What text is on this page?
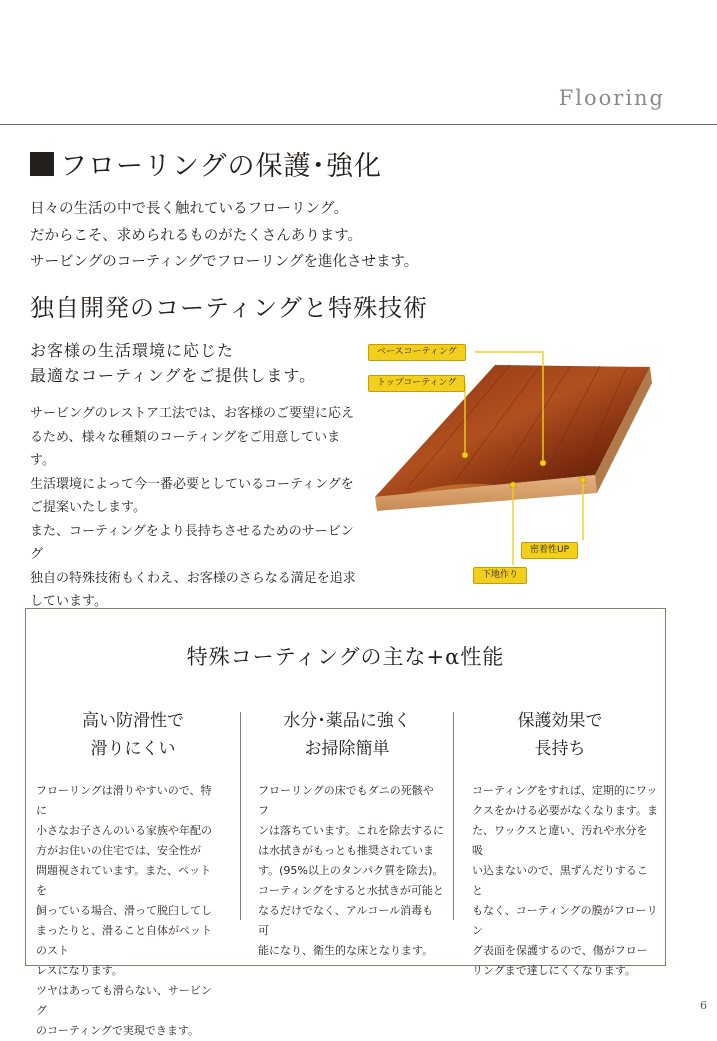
Flooring
フローリングの保護･強化
日々の生活の中で長く触れているフローリング。
だからこそ、求められるものがたくさんあります。
サービングのコーティングでフローリングを進化させます。
独自開発のコーティングと特殊技術
お客様の生活環境に応じた
最適なコーティングをご提供します。
サービングのレストア工法では、お客様のご要望に応え
るため、様々な種類のコーティングをご用意しています。
生活環境によって今一番必要としているコーティングを
ご提案いたします。
また、コーティングをより長持ちさせるためのサービング
独自の特殊技術もくわえ、お客様のさらなる満足を追求
しています。
ベースコーティング
トップコーティング
密着性UP
下地作り
特殊コーティングの主な+α性能
高い防滑性で
滑りにくい
水分･薬品に強く
お掃除簡単
保護効果で
長持ち
フローリングは滑りやすいので、特に
小さなお子さんのいる家族や年配の
方がお住いの住宅では、安全性が
問題視されています。また、ペットを
飼っている場合、滑って脱臼してし
まったりと、滑ること自体がペットのスト
レスになります。
ツヤはあっても滑らない、サービング
のコーティングで実現できます。
フローリングの床でもダニの死骸やフ
ンは落ちています。これを除去するに
は水拭きがもっとも推奨されていま
す。(95%以上のタンパク質を除去)。
コーティングをすると水拭きが可能と
なるだけでなく、アルコール消毒も可
能になり、衛生的な床となります。
コーティングをすれば、定期的にワッ
クスをかける必要がなくなります。ま
た、ワックスと違い、汚れや水分を吸
い込まないので、黒ずんだりすること
もなく、コーティングの膜がフローリン
グ表面を保護するので、傷がフロー
リングまで達しにくくなります。
6
